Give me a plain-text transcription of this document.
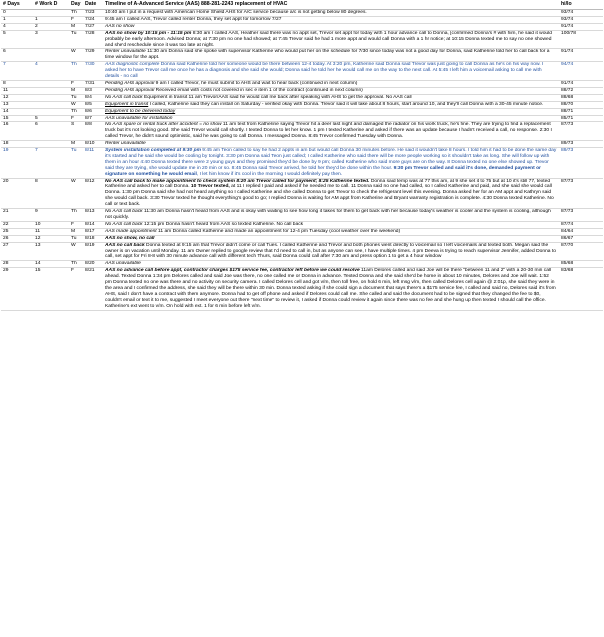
# Days	# Work D	Day	Date	Timeline of A-Advanced Service (AAS) 888-281-2243 replacement of HVAC	hi/lo
0		Th	7/23	10:40 am I put in a request with American Home Shield AHS for A/C service because a/c is not getting below 80 degrees.	93/74
1	1	F	7/24	9:45 am I called AAS, Trevor called renter Donna, they set appt for tomorrow 7/27	93/74
4	2	M	7/27	AAS no show	91/74
5	3	Tu	7/28	AAS no show by 10:15 pm - 11:15 pm 8:30 am I called AAS, Heather said there was no appt set, Trevor set appt for today with 1 hour advance call to Donna, [confirmed Donna's # with him, he said it would probably be early afternoon. Advised Donna; at 7:30 pm no one had showed; at 7:45 Trevor said he had 1 more appt and would call Donna with a 1 hr notice; at 10:15 Donna texted me to say no one showed and she'd reschedule since it was too late at night.	100/78
6		W	7/29	Renter unavailable 11:30 am Donna said she spoke with supervisor Katherine who would put her on the schedule for 7/30 since today was not a good day for Donna, said Katherine told her to call back for a time window for the appt.	91/74
7	4	Th	7/30	AAS diagnostic complete Donna said Katherine told her someone would be there between 12-4 today. At 3:20 pm, Katherine said Donna said Trevor was just going to call Donna as he's on his way now. I asked her to have Trevor call me once he has a diagnosis and she said she would; Donna said he told her he would call me on the way to the next call. At 5:45 I left him a voicemail asking to call me with details - no call	94/74
8		F	7/31	Pending AHS approval 9 am I called Trevor, he must submit to AHS and wait to hear back (continued in next column)	91/74
11		M	8/3	Pending AHS approval Received email with costs not covered in sec e item 1 of the contract (continued in next column)	88/72
12		Tu	8/4	No AAS call back Equipment in transit 11 am Trevor/AAS said he would call me back after speaking with AHS to get the approval. No AAS call	88/68
13		W	8/5	Equipment in transit I called, Katherine said they can install on Saturday - verified okay with Donna. Trevor said it will take about 8 hours, start around 10, and they'll call Donna with a 30-45 minute notice.	88/70
14		Th	8/6	Equipment to be delivered today	88/71
15	5	F	8/7	AAS unavailable for installation	85/71
16	6	S	8/8	No AAS spare or rental truck after accident = no show 11 am text from Katherine saying Trevor hit a deer last night and damaged the radiator on his work truck, he's fine. They are trying to find a replacement truck but it's not looking good. She said Trevor would call shortly. I texted Donna to let her know. 1 pm I texted Katherine and asked if there was an update because I hadn't received a call, no response. 2:30 I called Trevor, he didn't sound optimistic, said he was going to call Donna. I messaged Donna. 8:45 Trevor confirmed Tuesday with Donna.	87/73
18		M	8/10	Renter unavailable	89/73
19	7	Tu	8/11	System installation completed at 9:30 pm 9:45 am Teon called to say he had 2 appts in am but would call Donna 30 minutes before. He said it wouldn't take 8 hours. I told him it had to be done the same day it's started and he said she would be cooling by tonight. 3:30 pm Donna said Teon just called; I called Katherine who said there will be more people working so it shouldn't take as long. She will follow up with them in an hour 4:40 Donna texted there were 2 young guys and they promised they'd be done by 9 pm; called Katherine who said more guys are on the way. 8 Donna texted no one else showed up. Trevor said they are trying, she would update me in 20 min or so. 8:45 Donna said Trevor arrived, he told her they'd be done within the hour. 9:30 pm Trevor called and said it's done, demanded payment or signature on something he would email, I let him know if it's cool in the morning I would definitely pay then.	89/73
20	8	W	8/12	No AAS call back to make appointment to check system 8:20 am Trevor called for payment; 8:25 Katherine texted. Donna said temp was at 77 this am, at 9 she set it to 75 but at 10 it's still 77, texted Katherine and asked her to call Donna. 10 Trevor texted, at 11 I replied I paid and asked if he needed me to call. 11 Donna said no one had called, so I called Katherine and paid, and she said she would call Donna. 1:30 pm Donna said she had not heard anything so I called Katherine and she called Donna to get Trevor to check the refrigerant level this evening. Donna asked her for an AM appt and Kathryn said she would call back. 3:30 Trevor texted he thought everything's good to go; I replied Donna is waiting for AM appt from Katherine and Bryant warranty registration is complete. 4:30 Donna texted Katherine. No call or text back.	87/73
21	9	Th	8/13	No AAS call back 11:30 am Donna hasn't heard from AAS and is okay with waiting to see how long it takes for them to get back with her because today's weather is cooler and the system is cooling, although not quickly.	87/73
22	10	F	8/14	No AAS call back 12:15 pm Donna hasn't heard from AAS so texted Katherine. No call back	87/74
25	11	M	8/17	AAS made appointment 11 am Donna called Katherine and made an appointment for 12-4 pm Tuesday (cool weather over the weekend)	84/64
26	12	Tu	8/18	AAS no show, no call	86/67
27	13	W	8/19	AAS no call back Donna texted at 9:15 am that Trevor didn't come or call Tues. I called Katherine and Trevor and both phones went directly to voicemail so I left voicemails and texted both. Megan said the owner is on vacation until Monday. 11 am Owner replied to google review that I'd need to call in, but as anyone can see, I have multiple times. 4 pm Deeva is trying to reach supervisor Jennifer, added Donna to call, set appt for Fri 8-8 with 30 minute advance call with different tech Thurs, said Donna could call after 7:30 am and press option 1 to get a 4 hour window	87/70
28	14	Th	8/20	AAS unavailable	85/68
29	15	F	8/21	AAS no advance call before appt, contractor charges $175 service fee, contractor left before we could resolve 11am Delores called and said Joe will be there "between 11 and 2" with a 20-30 min call ahead. Texted Donna 1:34 pm Delores called and said Joe was there, no one called me or Donna in advance. Texted Donna and she said she'd be home in about 10 minutes, Delores and Joe will wait. 1:52 pm Donna texted no one was there and no activity on security camera. I called Delores cell and got v/m, then toll free, on hold 6 min, left msg v/m, then called Delores cell again @ 2:01p, she said they were in the area and I confirmed the address, she said they will be there within 30 min. Donna texted asking if she could sign a document that says there's a $175 service fee, I called and said no, Delores said it's from AHS, said I don't have a contract with them anymore. Donna had to get off phone and asked if Delores could call me. She called and said the document had to be signed that they changed the fee to $0, couldn't email or text it to me, suggested I meet everyone out there "next time" to review it, I asked if Donna could review it again since there was no fee and she hung up then texted I should call the office. Katherine's ext went to v/m. On hold with ext. 1 for 6 min before left v/m.	83/68
